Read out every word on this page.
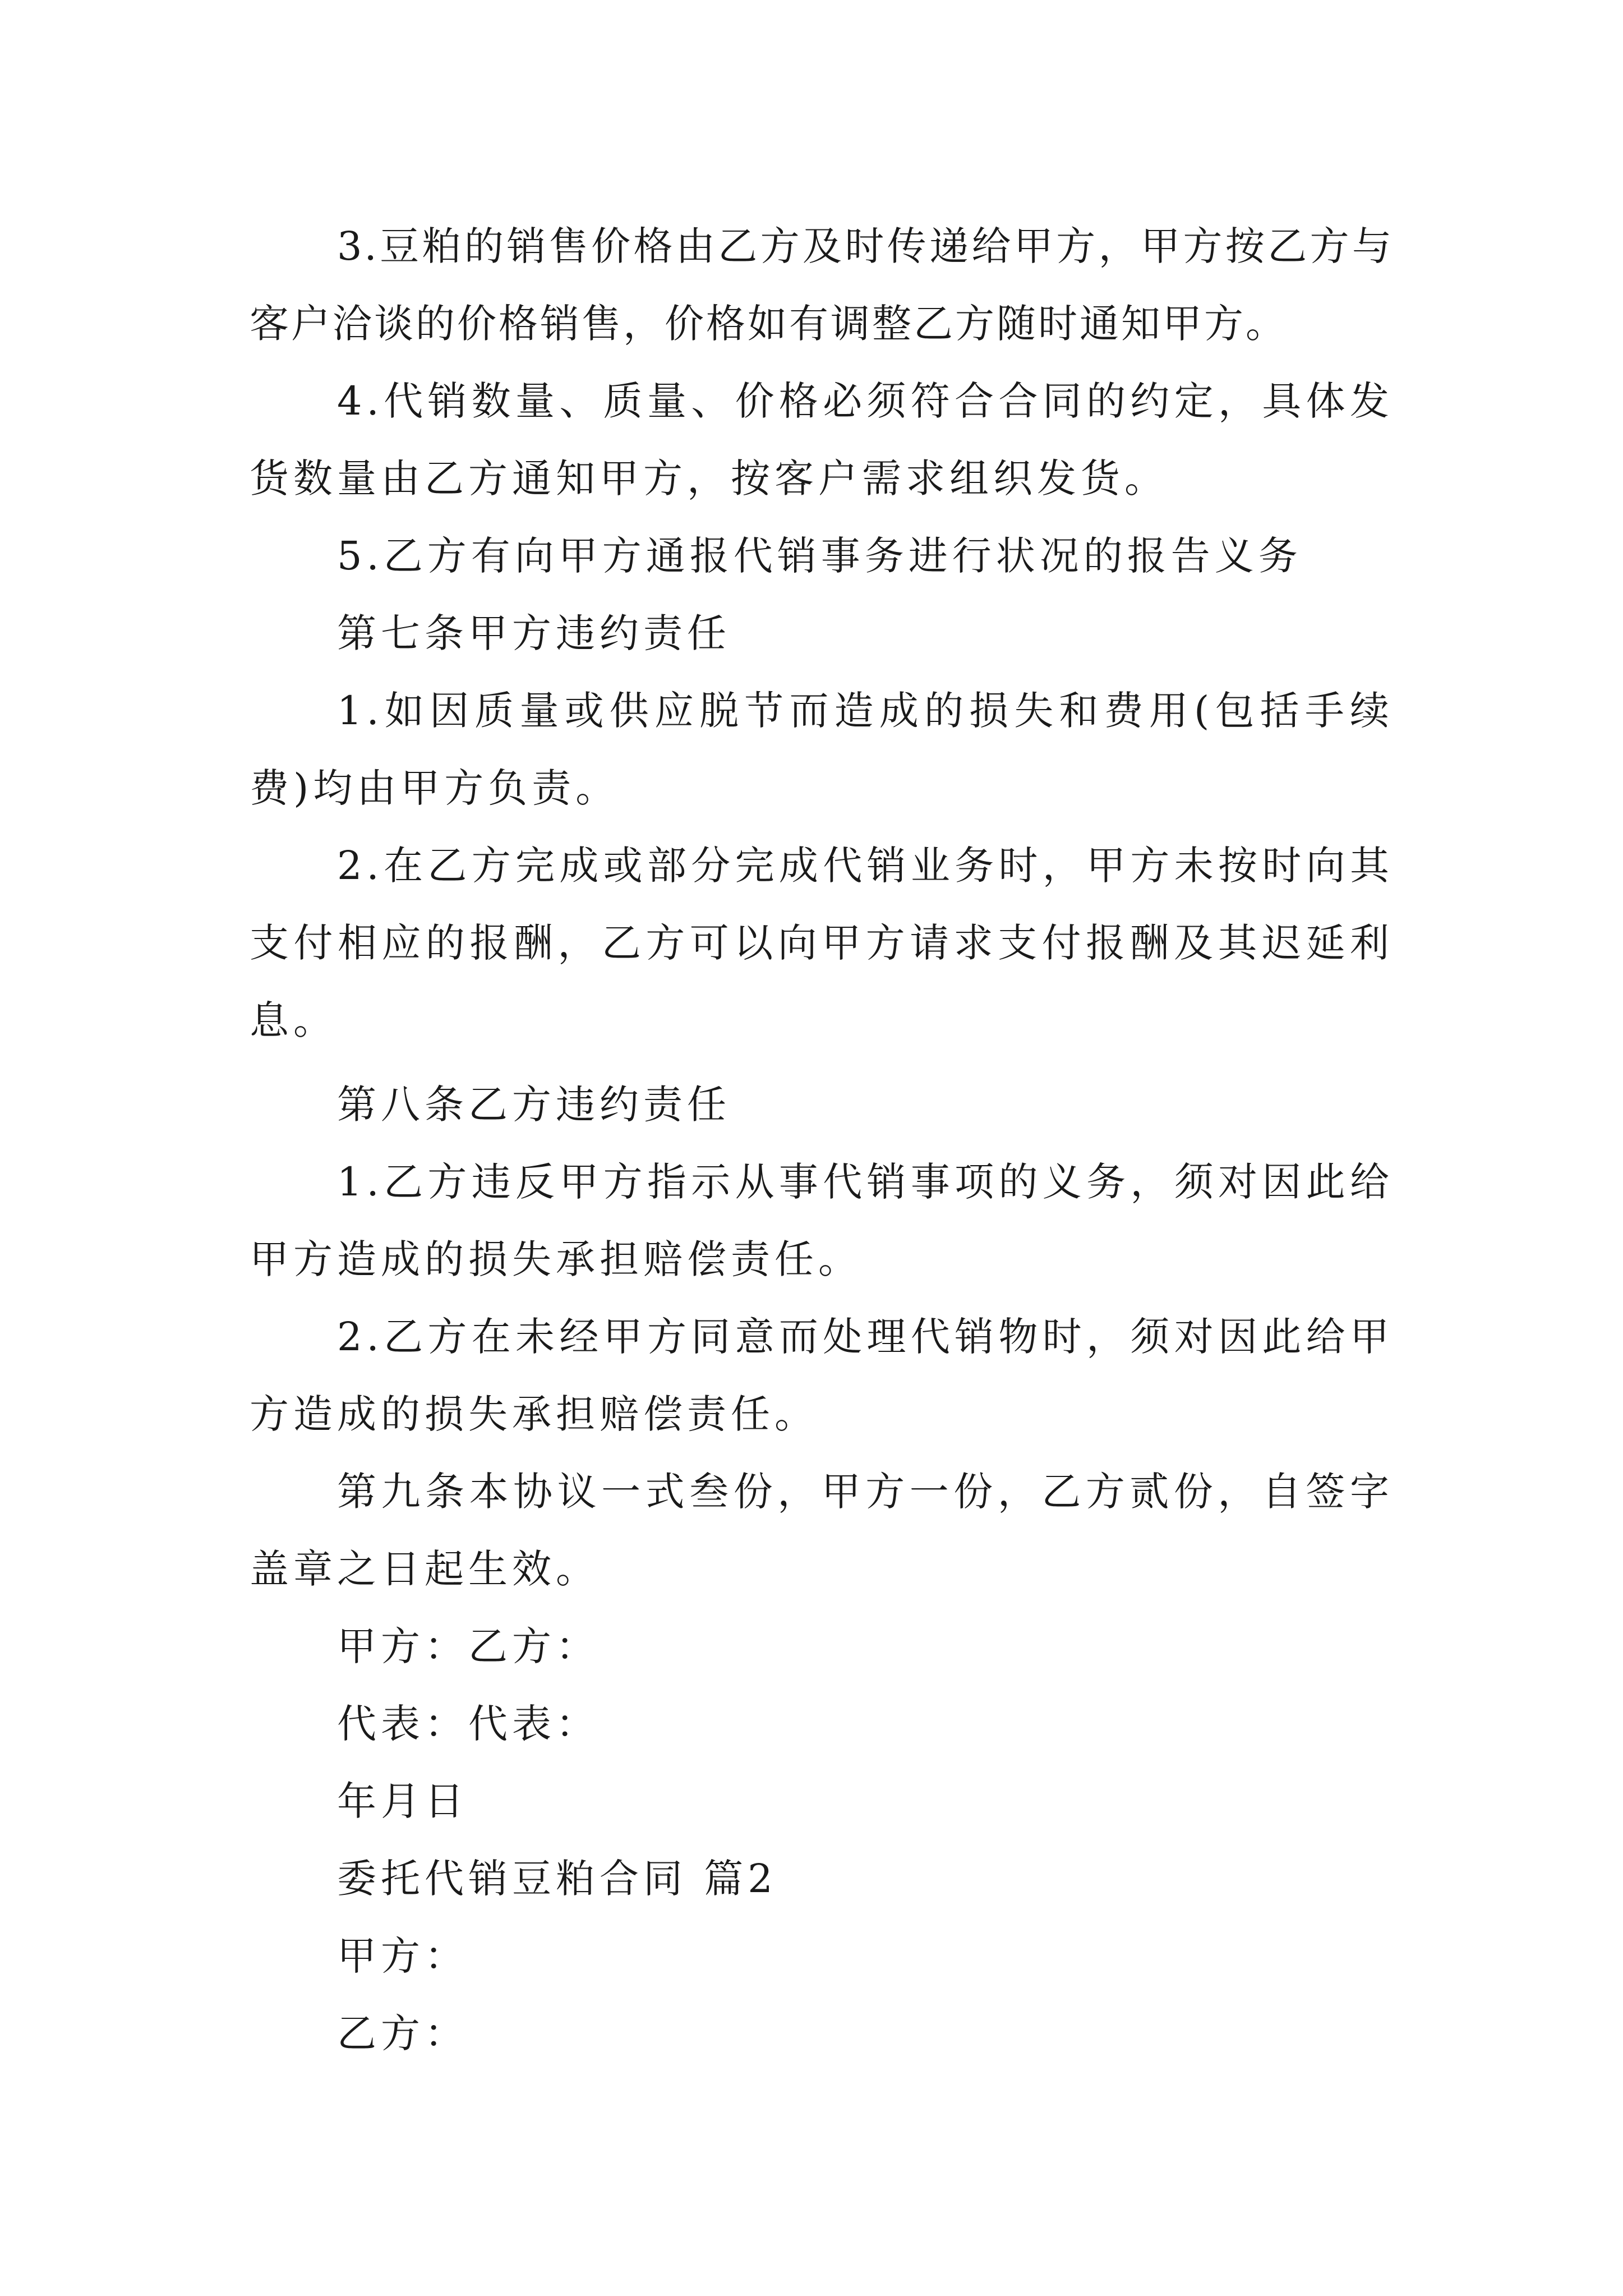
3.豆粕的销售价格由乙方及时传递给甲方，甲方按乙方与客户洽谈的价格销售，价格如有调整乙方随时通知甲方。

4.代销数量、质量、价格必须符合合同的约定，具体发货数量由乙方通知甲方，按客户需求组织发货。

5.乙方有向甲方通报代销事务进行状况的报告义务

第七条甲方违约责任

1.如因质量或供应脱节而造成的损失和费用(包括手续费)均由甲方负责。

2.在乙方完成或部分完成代销业务时，甲方未按时向其支付相应的报酬，乙方可以向甲方请求支付报酬及其迟延利息。

第八条乙方违约责任

1.乙方违反甲方指示从事代销事项的义务，须对因此给甲方造成的损失承担赔偿责任。

2.乙方在未经甲方同意而处理代销物时，须对因此给甲方造成的损失承担赔偿责任。

第九条本协议一式叁份，甲方一份，乙方贰份，自签字盖章之日起生效。

甲方：乙方：

代表：代表：

年月日

委托代销豆粕合同 篇2

甲方：

乙方：
